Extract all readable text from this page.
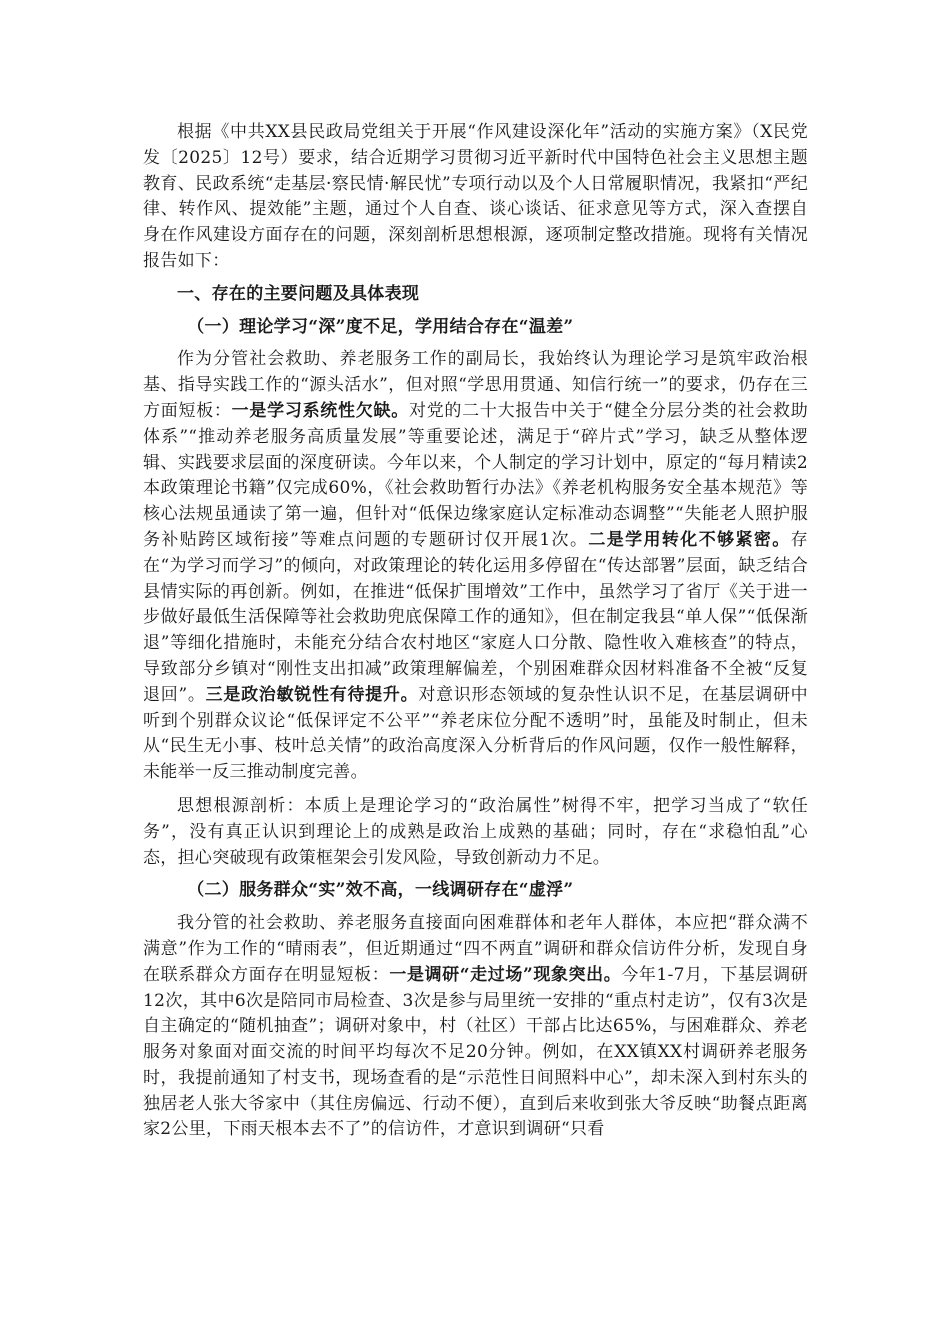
根据《中共XX县民政局党组关于开展“作风建设深化年”活动的实施方案》（X民党发〔2025〕12号）要求，结合近期学习贯彻习近平新时代中国特色社会主义思想主题教育、民政系统“走基层·察民情·解民忧”专项行动以及个人日常履职情况，我紧扣“严纪律、转作风、提效能”主题，通过个人自查、谈心谈话、征求意见等方式，深入查摆自身在作风建设方面存在的问题，深刻剖析思想根源，逐项制定整改措施。现将有关情况报告如下：

一、存在的主要问题及具体表现

（一）理论学习“深”度不足，学用结合存在“温差”

作为分管社会救助、养老服务工作的副局长，我始终认为理论学习是筑牢政治根基、指导实践工作的“源头活水”，但对照“学思用贯通、知信行统一”的要求，仍存在三方面短板：一是学习系统性欠缺。对党的二十大报告中关于“健全分层分类的社会救助体系”“推动养老服务高质量发展”等重要论述，满足于“碎片式”学习，缺乏从整体逻辑、实践要求层面的深度研读。今年以来，个人制定的学习计划中，原定的“每月精读2本政策理论书籍”仅完成60%，《社会救助暂行办法》《养老机构服务安全基本规范》等核心法规虽通读了第一遍，但针对“低保边缘家庭认定标准动态调整”“失能老人照护服务补贴跨区域衔接”等难点问题的专题研讨仅开展1次。二是学用转化不够紧密。存在“为学习而学习”的倾向，对政策理论的转化运用多停留在“传达部署”层面，缺乏结合县情实际的再创新。例如，在推进“低保扩围增效”工作中，虽然学习了省厅《关于进一步做好最低生活保障等社会救助兜底保障工作的通知》，但在制定我县“单人保”“低保渐退”等细化措施时，未能充分结合农村地区“家庭人口分散、隐性收入难核查”的特点，导致部分乡镇对“刚性支出扣减”政策理解偏差，个别困难群众因材料准备不全被“反复退回”。三是政治敏锐性有待提升。对意识形态领域的复杂性认识不足，在基层调研中听到个别群众议论“低保评定不公平”“养老床位分配不透明”时，虽能及时制止，但未从“民生无小事、枝叶总关情”的政治高度深入分析背后的作风问题，仅作一般性解释，未能举一反三推动制度完善。

思想根源剖析：本质上是理论学习的“政治属性”树得不牢，把学习当成了“软任务”，没有真正认识到理论上的成熟是政治上成熟的基础；同时，存在“求稳怕乱”心态，担心突破现有政策框架会引发风险，导致创新动力不足。

（二）服务群众“实”效不高，一线调研存在“虚浮”

我分管的社会救助、养老服务直接面向困难群体和老年人群体，本应把“群众满不满意”作为工作的“晴雨表”，但近期通过“四不两直”调研和群众信访件分析，发现自身在联系群众方面存在明显短板：一是调研“走过场”现象突出。今年1-7月，下基层调研12次，其中6次是陪同市局检查、3次是参与局里统一安排的“重点村走访”，仅有3次是自主确定的“随机抽查”；调研对象中，村（社区）干部占比达65%，与困难群众、养老服务对象面对面交流的时间平均每次不足20分钟。例如，在XX镇XX村调研养老服务时，我提前通知了村支书，现场查看的是“示范性日间照料中心”，却未深入到村东头的独居老人张大爷家中（其住房偏远、行动不便），直到后来收到张大爷反映“助餐点距离家2公里，下雨天根本去不了”的信访件，才意识到调研“只看
